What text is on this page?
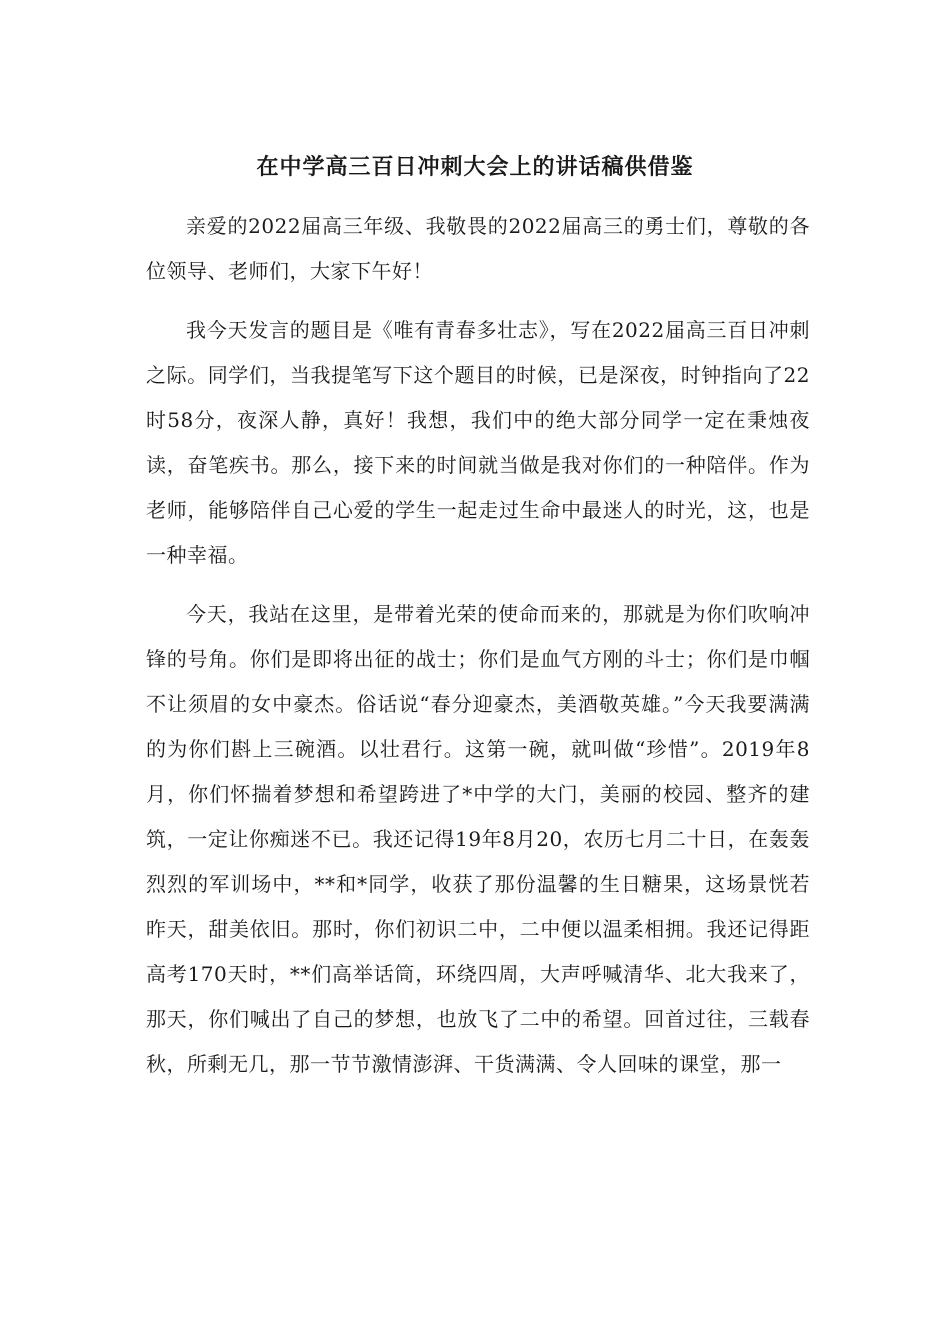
在中学高三百日冲刺大会上的讲话稿供借鉴

亲爱的2022届高三年级、我敬畏的2022届高三的勇士们，尊敬的各位领导、老师们，大家下午好！

我今天发言的题目是《唯有青春多壮志》，写在2022届高三百日冲刺之际。同学们，当我提笔写下这个题目的时候，已是深夜，时钟指向了22时58分，夜深人静，真好！我想，我们中的绝大部分同学一定在秉烛夜读，奋笔疾书。那么，接下来的时间就当做是我对你们的一种陪伴。作为老师，能够陪伴自己心爱的学生一起走过生命中最迷人的时光，这，也是一种幸福。

今天，我站在这里，是带着光荣的使命而来的，那就是为你们吹响冲锋的号角。你们是即将出征的战士；你们是血气方刚的斗士；你们是巾帼不让须眉的女中豪杰。俗话说“春分迎豪杰，美酒敬英雄。”今天我要满满的为你们斟上三碗酒。以壮君行。这第一碗，就叫做“珍惜”。2019年8月，你们怀揣着梦想和希望跨进了*中学的大门，美丽的校园、整齐的建筑，一定让你痴迷不已。我还记得19年8月20，农历七月二十日，在轰轰烈烈的军训场中，**和*同学，收获了那份温馨的生日糖果，这场景恍若昨天，甜美依旧。那时，你们初识二中，二中便以温柔相拥。我还记得距高考170天时，**们高举话筒，环绕四周，大声呼喊清华、北大我来了，那天，你们喊出了自己的梦想，也放飞了二中的希望。回首过往，三载春秋，所剩无几，那一节节激情澎湃、干货满满、令人回味的课堂，那一
